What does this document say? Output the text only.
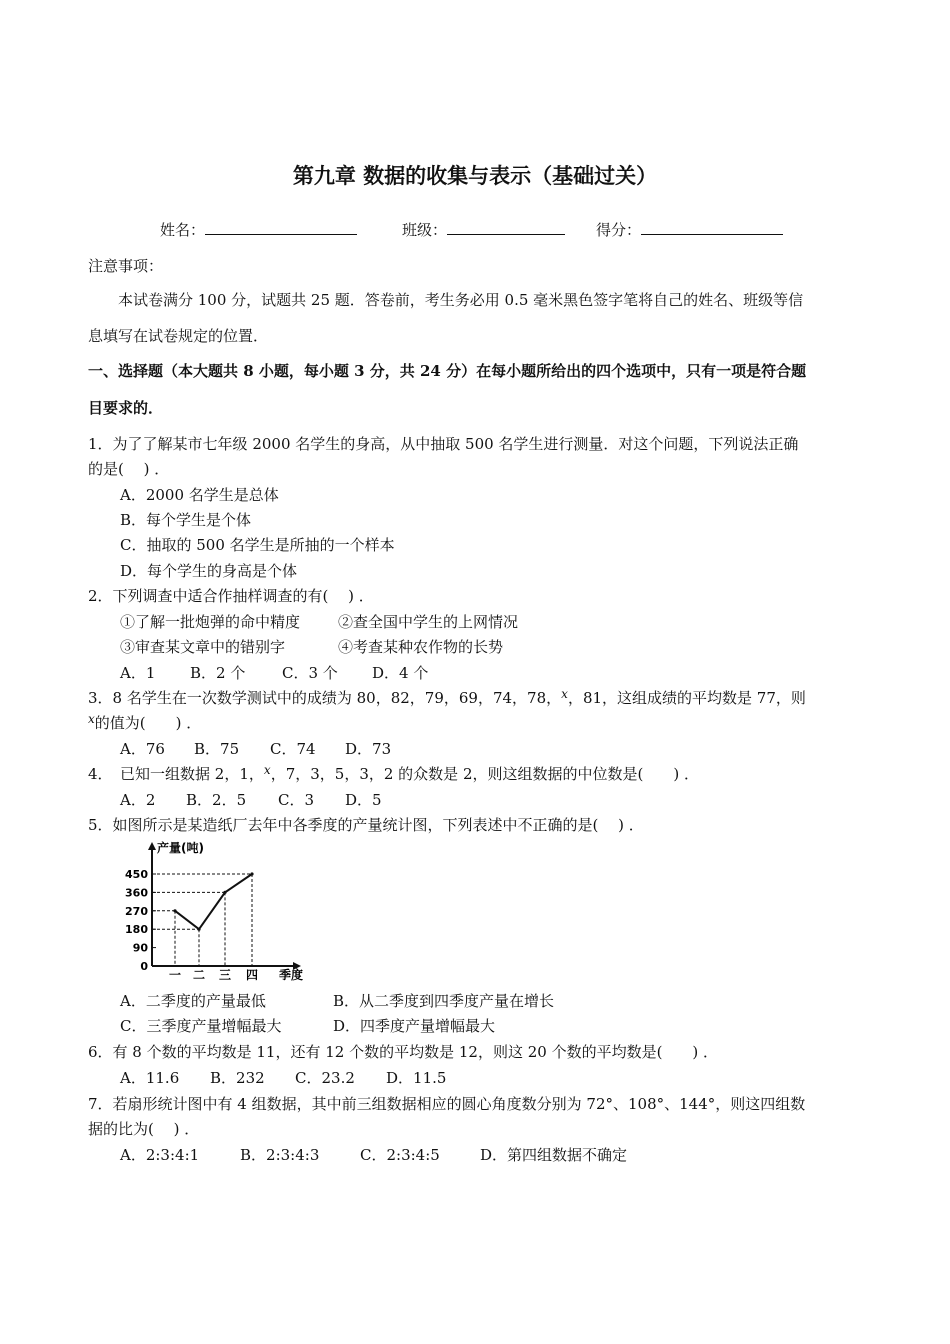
第九章 数据的收集与表示（基础过关）
姓名：	班级：	得分：
注意事项：
本试卷满分 100 分，试题共 25 题．答卷前，考生务必用 0.5 毫米黑色签字笔将自己的姓名、班级等信
息填写在试卷规定的位置．
一、选择题（本大题共 8 小题，每小题 3 分，共 24 分）在每小题所给出的四个选项中，只有一项是符合题
目要求的．
1．为了了解某市七年级 2000 名学生的身高，从中抽取 500 名学生进行测量．对这个问题，下列说法正确
的是(　 ) ．
A．2000 名学生是总体
B．每个学生是个体
C．抽取的 500 名学生是所抽的一个样本
D．每个学生的身高是个体
2．下列调查中适合作抽样调查的有(　 ) ．
①了解一批炮弹的命中精度	②查全国中学生的上网情况
③审查某文章中的错别字	④考查某种农作物的长势
A．1 B．2 个 C．3 个 D．4 个
3．8 名学生在一次数学测试中的成绩为 80，82，79，69，74，78，$^x$，81，这组成绩的平均数是 77，则
$^x$的值为(　　) ．
A．76 B．75 C．74 D．73
4．　已知一组数据 2，1，$^x$，7，3，5，3，2 的众数是 2，则这组数据的中位数是(　　) ．
A．2 B．2．5 C．3 D．5
5．如图所示是某造纸厂去年中各季度的产量统计图，下列表述中不正确的是(　 ) ．
产量(吨)
季度
0
90
180
270
360
450
一 二 三 四
A．二季度的产量最低	B．从二季度到四季度产量在增长
C．三季度产量增幅最大	D．四季度产量增幅最大
6．有 8 个数的平均数是 11，还有 12 个数的平均数是 12，则这 20 个数的平均数是(　　) ．
A．11.6 B．232 C．23.2 D．11.5
7．若扇形统计图中有 4 组数据，其中前三组数据相应的圆心角度数分别为 72°、108°、144°，则这四组数
据的比为(　 ) ．
A．2:3:4:1	B．2:3:4:3	C．2:3:4:5	D．第四组数据不确定
